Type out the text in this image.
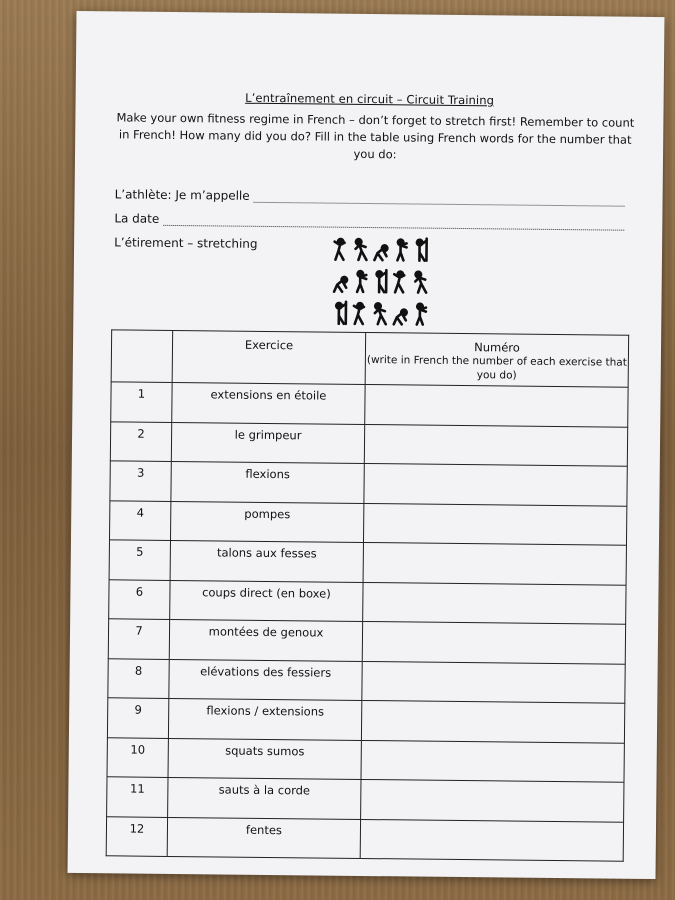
L’entraînement en circuit – Circuit Training
Make your own fitness regime in French – don’t forget to stretch first! Remember to count in French! How many did you do? Fill in the table using French words for the number that you do:
L’athlète: Je m’appelle
La date
L’étirement – stretching
	Exercice	Numéro
(write in French the number of each exercise that you do)

1	extensions en étoile	
2	le grimpeur	
3	flexions	
4	pompes	
5	talons aux fesses	
6	coups direct (en boxe)	
7	montées de genoux	
8	elévations des fessiers	
9	flexions / extensions	
10	squats sumos	
11	sauts à la corde	
12	fentes	
